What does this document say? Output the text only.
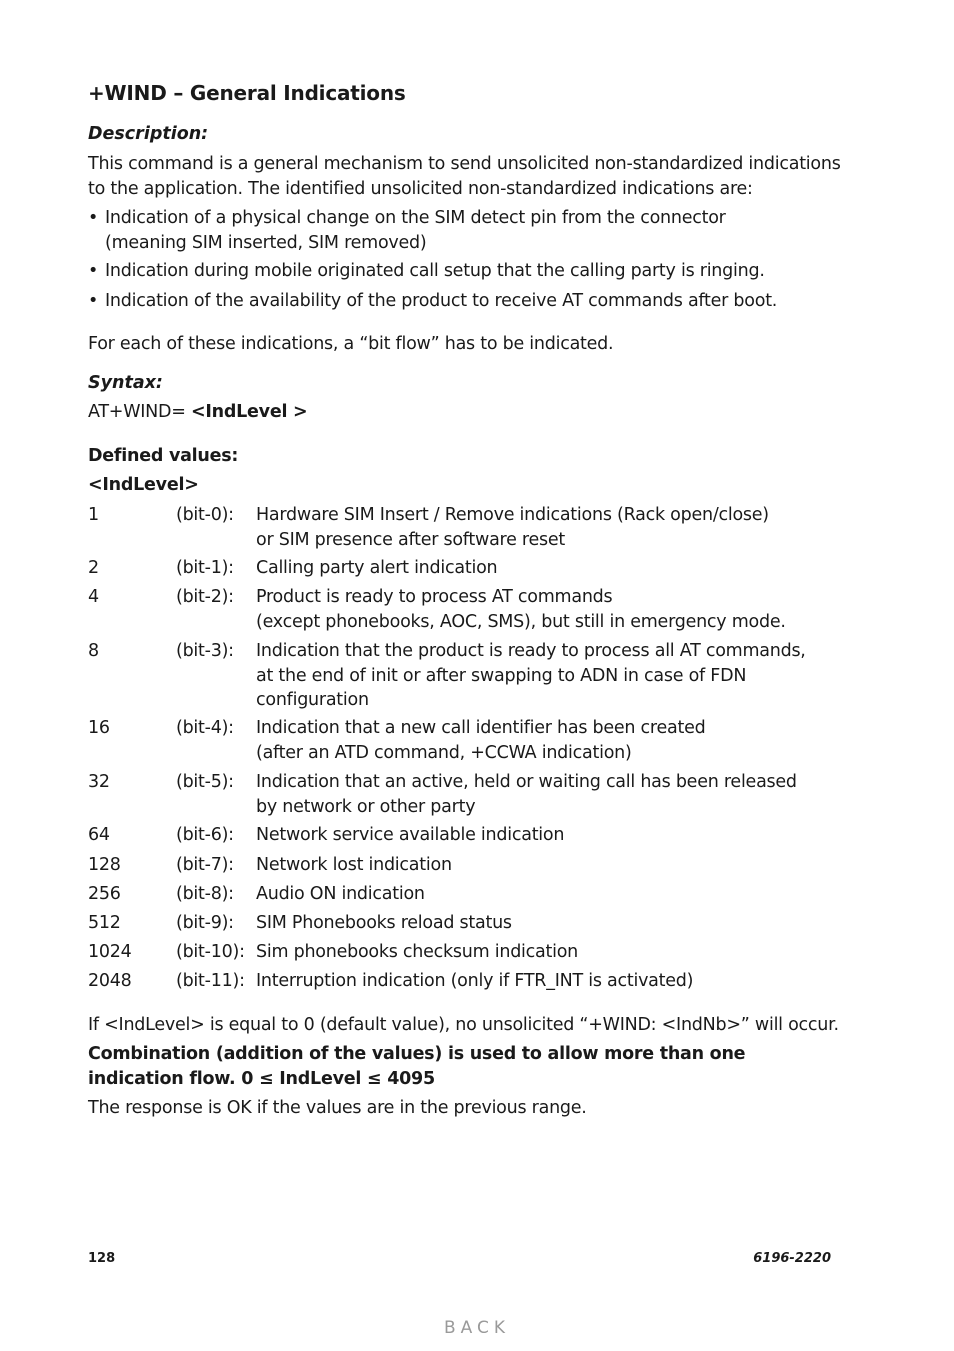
+WIND – General Indications
Description:
This command is a general mechanism to send unsolicited non-standardized indications
to the application. The identified unsolicited non-standardized indications are:
• Indication of a physical change on the SIM detect pin from the connector
(meaning SIM inserted, SIM removed)
• Indication during mobile originated call setup that the calling party is ringing.
• Indication of the availability of the product to receive AT commands after boot.
For each of these indications, a “bit flow” has to be indicated.
Syntax:
AT+WIND= <IndLevel >
Defined values:
<IndLevel>
1	(bit-0): Hardware SIM Insert / Remove indications (Rack open/close)
or SIM presence after software reset
2	(bit-1): Calling party alert indication
4	(bit-2): Product is ready to process AT commands
(except phonebooks, AOC, SMS), but still in emergency mode.
8	(bit-3): Indication that the product is ready to process all AT commands,
at the end of init or after swapping to ADN in case of FDN
configuration
16	(bit-4): Indication that a new call identifier has been created
(after an ATD command, +CCWA indication)
32	(bit-5): Indication that an active, held or waiting call has been released
by network or other party
64	(bit-6): Network service available indication
128	(bit-7): Network lost indication
256	(bit-8): Audio ON indication
512	(bit-9): SIM Phonebooks reload status
1024	(bit-10): Sim phonebooks checksum indication
2048	(bit-11): Interruption indication (only if FTR_INT is activated)
If <IndLevel> is equal to 0 (default value), no unsolicited “+WIND: <IndNb>” will occur.
Combination (addition of the values) is used to allow more than one
indication flow. 0 ≤ IndLevel ≤ 4095
The response is OK if the values are in the previous range.
128	6196-2220
BACK
